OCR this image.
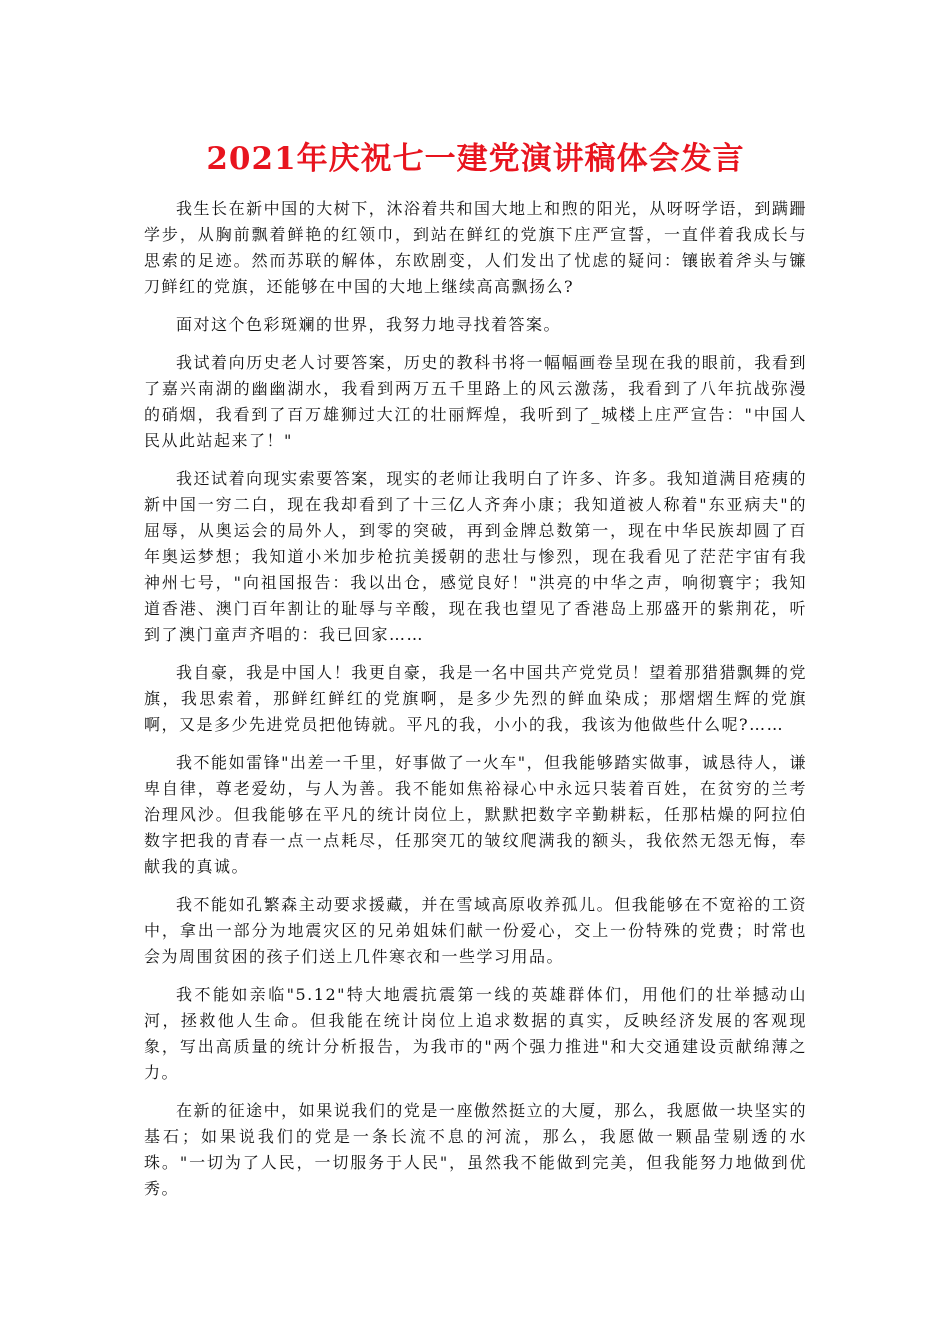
2021年庆祝七一建党演讲稿体会发言

我生长在新中国的大树下，沐浴着共和国大地上和煦的阳光，从呀呀学语，到蹒跚学步，从胸前飘着鲜艳的红领巾，到站在鲜红的党旗下庄严宣誓，一直伴着我成长与思索的足迹。然而苏联的解体，东欧剧变，人们发出了忧虑的疑问：镶嵌着斧头与镰刀鲜红的党旗，还能够在中国的大地上继续高高飘扬么?

面对这个色彩斑斓的世界，我努力地寻找着答案。

我试着向历史老人讨要答案，历史的教科书将一幅幅画卷呈现在我的眼前，我看到了嘉兴南湖的幽幽湖水，我看到两万五千里路上的风云激荡，我看到了八年抗战弥漫的硝烟，我看到了百万雄狮过大江的壮丽辉煌，我听到了_城楼上庄严宣告："中国人民从此站起来了！"

我还试着向现实索要答案，现实的老师让我明白了许多、许多。我知道满目疮痍的新中国一穷二白，现在我却看到了十三亿人齐奔小康；我知道被人称着"东亚病夫"的屈辱，从奥运会的局外人，到零的突破，再到金牌总数第一，现在中华民族却圆了百年奥运梦想；我知道小米加步枪抗美援朝的悲壮与惨烈，现在我看见了茫茫宇宙有我神州七号，"向祖国报告：我以出仓，感觉良好！"洪亮的中华之声，响彻寰宇；我知道香港、澳门百年割让的耻辱与辛酸，现在我也望见了香港岛上那盛开的紫荆花，听到了澳门童声齐唱的：我已回家……

我自豪，我是中国人！我更自豪，我是一名中国共产党党员！望着那猎猎飘舞的党旗，我思索着，那鲜红鲜红的党旗啊，是多少先烈的鲜血染成；那熠熠生辉的党旗啊，又是多少先进党员把他铸就。平凡的我，小小的我，我该为他做些什么呢?……

我不能如雷锋"出差一千里，好事做了一火车"，但我能够踏实做事，诚恳待人，谦卑自律，尊老爱幼，与人为善。我不能如焦裕禄心中永远只装着百姓，在贫穷的兰考治理风沙。但我能够在平凡的统计岗位上，默默把数字辛勤耕耘，任那枯燥的阿拉伯数字把我的青春一点一点耗尽，任那突兀的皱纹爬满我的额头，我依然无怨无悔，奉献我的真诚。

我不能如孔繁森主动要求援藏，并在雪域高原收养孤儿。但我能够在不宽裕的工资中，拿出一部分为地震灾区的兄弟姐妹们献一份爱心，交上一份特殊的党费；时常也会为周围贫困的孩子们送上几件寒衣和一些学习用品。

我不能如亲临"5.12"特大地震抗震第一线的英雄群体们，用他们的壮举撼动山河，拯救他人生命。但我能在统计岗位上追求数据的真实，反映经济发展的客观现象，写出高质量的统计分析报告，为我市的"两个强力推进"和大交通建设贡献绵薄之力。

在新的征途中，如果说我们的党是一座傲然挺立的大厦，那么，我愿做一块坚实的基石；如果说我们的党是一条长流不息的河流，那么，我愿做一颗晶莹剔透的水珠。"一切为了人民，一切服务于人民"，虽然我不能做到完美，但我能努力地做到优秀。
